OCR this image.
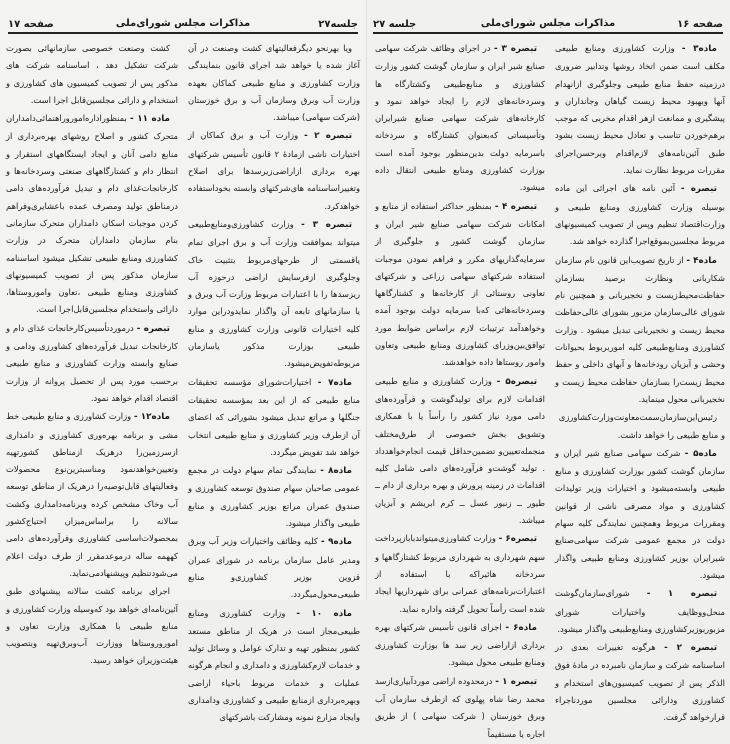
جلسه۲۷
مذاکرات مجلس شورای‌ملی
صفحه ۱۷

ویا بهرنحو دیگرفعالیتهای کشت وصنعت در آن آغاز شده یا خواهد شد اجرای قانون بنمایندگی وزارت کشاورزی و منابع طبیعی کماکان بعهده وزارت آب وبرق وسازمان آب و برق خوزستان (شرکت سهامی) میباشد.

تبصره ۲ - وزارت آب و برق کماکان از اختیارات ناشی ازمادهٔ ۲ قانون تأسیس شرکتهای بهره برداری ازاراضی‌زیرسدها برای اصلاح وتغییراساسنامه های‌شرکتهای وابسته بخوداستفاده خواهدکرد.

تبصره ۳ - وزارت کشاورزی‌ومنابع‌طبیعی میتواند بموافقت وزارت آب و برق اجرای تمام یاقسمتی از طرحهای‌مربوط بتثبیت خاک وجلوگیری ازفرسایش اراضی درحوزه آب ریزسدها را با اعتبارات مربوط وزارت آب وبرق و یا سازمانهای تابعه آن واگذار نمایدودراین موارد کلیه اختیارات قانونی وزارت کشاورزی و منابع طبیعی بوزارت مذکور یاسازمان مربوطه‌تفویض‌میشود.

ماده۷ - اختیارات‌شورای مؤسسه تحقیقات منابع طبیعی که از این بعد بمؤسسه تحقیقات جنگلها و مراتع تبدیل میشود بشورائی که اعضای آن ازطرف وزیر کشاورزی و منابع طبیعی انتخاب خواهد شد تفویض میگردد.

ماده۸ - نمایندگی تمام سهام دولت در مجمع عمومی صاحبان سهام صندوق توسعه کشاورزی و صندوق عمران مراتع بوزیر کشاورزی و منابع طبیعی واگذار میشود.

ماده۹ - کلیه وظائف واختیارات وزیر آب وبرق ومدیر عامل سازمان برنامه در شورای عمران قزوین بوزیر کشاورزی‌و منابع طبیعی‌محول‌میگردد.

ماده ۱۰ - وزارت کشاورزی ومنابع طبیعی‌مجاز است در هریک از مناطق مستعد کشور بمنظور تهیه و تدارک عوامل و وسائل تولید و خدمات لازم‌کشاورزی و دامداری و انجام هرگونه عملیات و خدمات مربوط باحیاء اراضی وبهره‌برداری ازمنابع طبیعی و کشاورزی ودامداری وایجاد مزارع نمونه ومشارکت باشرکتهای

کشت وصنعت خصوصی سازمانهائی بصورت شرکت تشکیل دهد ، اساسنامه شرکت های مذکور پس از تصویب کمیسیون های کشاورزی و استخدام و دارائی مجلسین‌قابل اجرا است.

ماده ۱۱ - بمنظوراداره‌اموروراهنمائی‌دامداران متحرک کشور و اصلاح روشهای بهره‌برداری از منابع دامی آنان و ایجاد ایستگاههای استقرار و انتظار دام و کشتارگاههای صنعتی وسردخانه‌ها و کارخانجات‌غذای دام و تبدیل فرآورده‌های دامی درمناطق تولید ومصرف عمده باعشایری‌وفراهم کردن موجبات اسکان دامداران متحرک سازمانی بنام سازمان دامداران متحرک در وزارت کشاورزی ومنابع طبیعی تشکیل میشود اساسنامه سازمان مذکور پس از تصویب کمیسیونهای کشاورزی ومنابع طبیعی ،تعاون واموروستاها، دارائی واستخدام مجلسین‌قابل‌اجرا است.

تبصره - درمورد‌تأسیس‌کارخانجات غذای دام و کارخانجات تبدیل فرآورده‌های کشاورزی ودامی و صنایع وابسته وزارت کشاورزی و منابع طبیعی برحسب مورد پس از تحصیل پروانه از وزارت اقتصاد اقدام خواهد نمود.

ماده۱۲ - وزارت کشاورزی و منابع طبیعی خط مشی و برنامه بهره‌وری کشاورزی و دامداری ازسرزمین‌را درهریک ازمناطق کشورتهیه وتعیین‌خواهدنمود ومناسبترین‌نوع محصولات وفعالیتهای قابل‌توصیه‌را درهریک از مناطق توسعه آب وخاک مشخص کرده وبرنامه‌دامداری وکشت سالانه را براساس‌میزان احتیاج‌کشور بمحصولات‌اساسی کشاورزی وفرآورده‌های دامی کههمه ساله درموعدمقرر از طرف دولت اعلام می‌شودتنظیم وپیشنهادمی‌نماید.

اجرای برنامه کشت سالانه پیشنهادی طبق آئین‌نامه‌ای خواهد بود که‌وسیله وزارت کشاورزی و منابع طبیعی با همکاری وزارت تعاون و اموروروستاها ووزارت آب‌وبرق‌تهیه وبتصویب هیئت‌وزیران خواهد رسید.

صفحه ۱۶
مذاکرات مجلس شورای‌ملی
جلسه ۲۷

ماده۳ - وزارت کشاورزی ومنابع طبیعی مکلف است ضمن اتخاذ روشها وتدابیر ضروری درزمینه حفظ منابع طبیعی وجلوگیری ازانهدام آنها وبهبود محیط زیست گیاهان وجانداران و پیشگیری و ممانعت ازهر اقدام مخربی که موجب برهم‌خوردن تناسب و تعادل محیط زیست بشود طبق آئین‌نامه‌های لازم‌اقدام وبرحسن‌اجرای مقررات مربوط نظارت نماید.

تبصره - آئین نامه های اجرائی این ماده بوسیله وزارت کشاورزی ومنابع طبیعی و وزارت‌اقتصاد تنظیم وپس از تصویب کمیسیونهای مربوط مجلسین‌بموقع‌اجرا گذارده خواهد شد.

ماده۴ - از تاریخ تصویب‌این قانون نام سازمان شکاربانی ونظارت برصید بسازمان حفاظت‌محیط‌زیست و نخجیربانی و همچنین نام شورای عالی‌سازمان مزبور بشورای عالی‌حفاظت محیط زیست و نخجیربانی تبدیل میشود . وزارت کشاورزی ومنابع‌طبیعی کلیه اموربربوط بحیوانات وحشی و آبزیان رودخانه‌ها و آبهای داخلی و حفظ محیط زیست‌را بسازمان حفاظت محیط زیست و نخجیربانی محول مینماید.

رئیس‌این‌سازمان‌سمت‌معاونت‌وزارت‌کشاورزی و منابع طبیعی را خواهد داشت.

ماده۵ - شرکت سهامی صنایع شیر ایران و سازمان گوشت کشور بوزارت کشاورزی و منابع طبیعی وابسته‌میشود و اختیارات وزیر تولیدات کشاورزی و مواد مصرفی ناشی از قوانین ومقررات مربوط وهمچنین نمایندگی کلیه سهام دولت در مجمع عمومی شرکت سهامی‌صنایع شیرایران بوزیر کشاورزی ومنابع طبیعی واگذار میشود.

تبصره ۱ - شورای‌سازمان‌گوشت منحل‌ووظایف واختیارات شورای مزبوربوزیرکشاورزی ومنابع‌طبیعی واگذار میشود.

تبصره ۲ - هرگونه تغییرات بعدی در اساسنامه شرکت و سازمان نامبرده در مادهٔ فوق الذکر پس از تصویب کمیسیون‌های استخدام و کشاورزی ودارائی مجلسین موردناجراء قرارخواهد گرفت.

تبصره ۳ - در اجرای وظائف شرکت سهامی صنایع شیر ایران و سازمان گوشت کشور وزارت کشاورزی و منابع‌طبیعی وکشتارگاه ها وسردخانه‌های لازم را ایجاد خواهد نمود و کارخانه‌های شرکت سهامی صنایع شیرایران وتأسیساتی که‌بعنوان کشتارگاه و سردخانه باسرمایه دولت بدین‌منظور بوجود آمده است بوزارت کشاورزی ومنابع طبیعی انتقال داده میشود.

تبصره ۴ - بمنظور حداکثر استفاده از منابع و امکانات شرکت سهامی صنایع شیر ایران و سازمان گوشت کشور و جلوگیری از سرمایه‌گذاریهای مکرر و فراهم نمودن موجبات استفاده شرکتهای سهامی زراعی و شرکتهای تعاونی روستائی از کارخانه‌ها و کشتارگاهها وسردخانه‌هائی که‌با سرمایه دولت بوجود آمده وخواهدآمد ترتیبات لازم براساس ضوابط مورد توافق‌بین‌وزرای کشاورزی ومنابع طبیعی وتعاون وامور روستاها داده خواهدشد.

تبصره۵ - وزارت کشاورزی و منابع طبیعی اقدامات لازم برای تولیدگوشت و فرآورده‌های دامی مورد نیاز کشور را رأساً یا با همکاری وتشویق بخش خصوصی از طرق‌مختلف منجمله‌تعیین‌و تضمین‌حداقل قیمت انجام‌خواهدداد . تولید گوشت‌و فرآورده‌های دامی شامل کلیه اقدامات در زمینه پرورش و بهره برداری از دام ــ طیور ــ زنبور عسل ــ کرم ابریشم و آبزیان میباشد.

تبصره۶ - وزارت کشاورزی‌میتواند‌بابازپرداخت سهم شهرداری به شهرداری مربوط کشتارگاهها و سردخانه هائیراکه با استفاده از اعتبارات‌برنامه‌های عمرانی برای شهرداریها ایجاد شده است رأساً تحویل گرفته واداره نماید.

ماده۶ - اجرای قانون تأسیس شرکتهای بهره برداری ازاراضی زیر سد ها بوزارت کشاورزی ومنابع طبیعی محول میشود.

تبصره ۱ - درمحدوده اراضی موردآبیاری‌ازسد محمد رضا شاه پهلوی که ازطرف سازمان آب وبرق خوزستان ( شرکت سهامی ) از طریق اجاره یا مستقیماً
